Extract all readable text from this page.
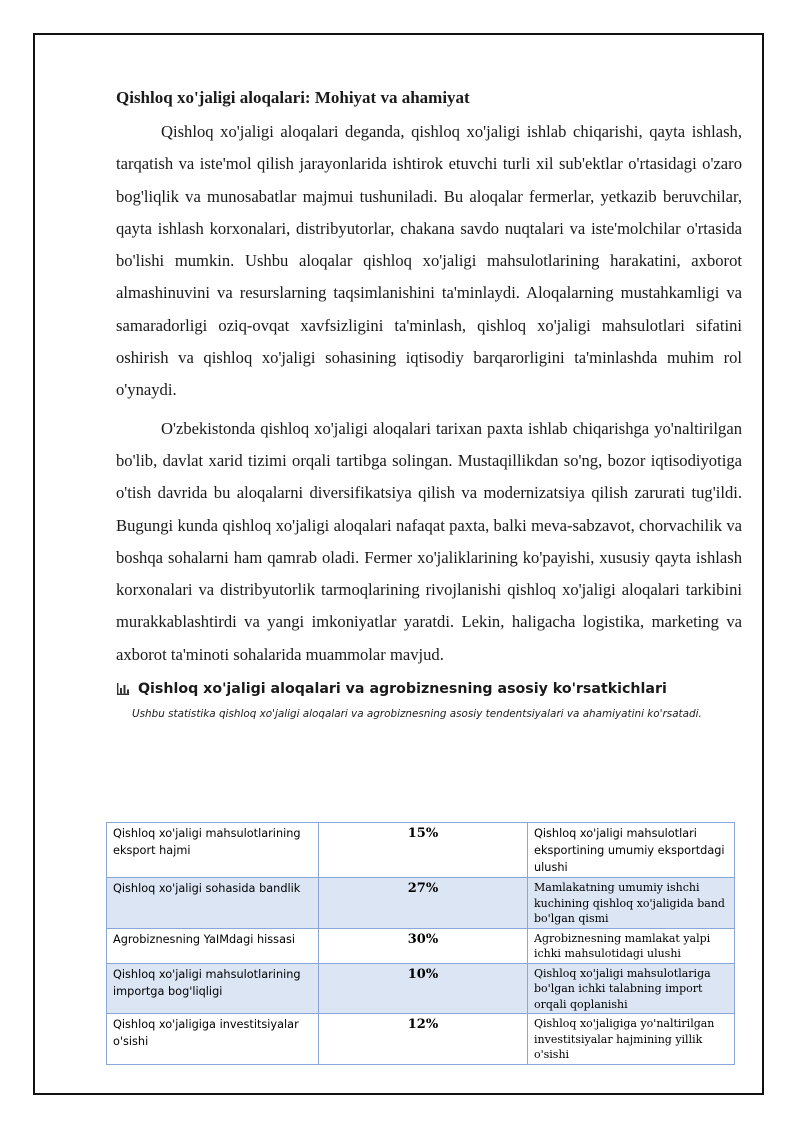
Qishloq xo'jaligi aloqalari: Mohiyat va ahamiyat

Qishloq xo'jaligi aloqalari deganda, qishloq xo'jaligi ishlab chiqarishi, qayta ishlash, tarqatish va iste'mol qilish jarayonlarida ishtirok etuvchi turli xil sub'ektlar o'rtasidagi o'zaro bog'liqlik va munosabatlar majmui tushuniladi. Bu aloqalar fermerlar, yetkazib beruvchilar, qayta ishlash korxonalari, distribyutorlar, chakana savdo nuqtalari va iste'molchilar o'rtasida bo'lishi mumkin. Ushbu aloqalar qishloq xo'jaligi mahsulotlarining harakatini, axborot almashinuvini va resurslarning taqsimlanishini ta'minlaydi. Aloqalarning mustahkamligi va samaradorligi oziq-ovqat xavfsizligini ta'minlash, qishloq xo'jaligi mahsulotlari sifatini oshirish va qishloq xo'jaligi sohasining iqtisodiy barqarorligini ta'minlashda muhim rol o'ynaydi.

O'zbekistonda qishloq xo'jaligi aloqalari tarixan paxta ishlab chiqarishga yo'naltirilgan bo'lib, davlat xarid tizimi orqali tartibga solingan. Mustaqillikdan so'ng, bozor iqtisodiyotiga o'tish davrida bu aloqalarni diversifikatsiya qilish va modernizatsiya qilish zarurati tug'ildi. Bugungi kunda qishloq xo'jaligi aloqalari nafaqat paxta, balki meva-sabzavot, chorvachilik va boshqa sohalarni ham qamrab oladi. Fermer xo'jaliklarining ko'payishi, xususiy qayta ishlash korxonalari va distribyutorlik tarmoqlarining rivojlanishi qishloq xo'jaligi aloqalari tarkibini murakkablashtirdi va yangi imkoniyatlar yaratdi. Lekin, haligacha logistika, marketing va axborot ta'minoti sohalarida muammolar mavjud.

Qishloq xo'jaligi aloqalari va agrobiznesning asosiy ko'rsatkichlari
Ushbu statistika qishloq xo'jaligi aloqalari va agrobiznesning asosiy tendentsiyalari va ahamiyatini ko'rsatadi.
Qishloq xo'jaligi mahsulotlarining eksport hajmi	15%	Qishloq xo'jaligi mahsulotlari eksportining umumiy eksportdagi ulushi
Qishloq xo'jaligi sohasida bandlik	27%	Mamlakatning umumiy ishchi kuchining qishloq xo'jaligida band bo'lgan qismi
Agrobiznesning YaIMdagi hissasi	30%	Agrobiznesning mamlakat yalpi ichki mahsulotidagi ulushi
Qishloq xo'jaligi mahsulotlarining importga bog'liqligi	10%	Qishloq xo'jaligi mahsulotlariga bo'lgan ichki talabning import orqali qoplanishi
Qishloq xo'jaligiga investitsiyalar o'sishi	12%	Qishloq xo'jaligiga yo'naltirilgan investitsiyalar hajmining yillik o'sishi
